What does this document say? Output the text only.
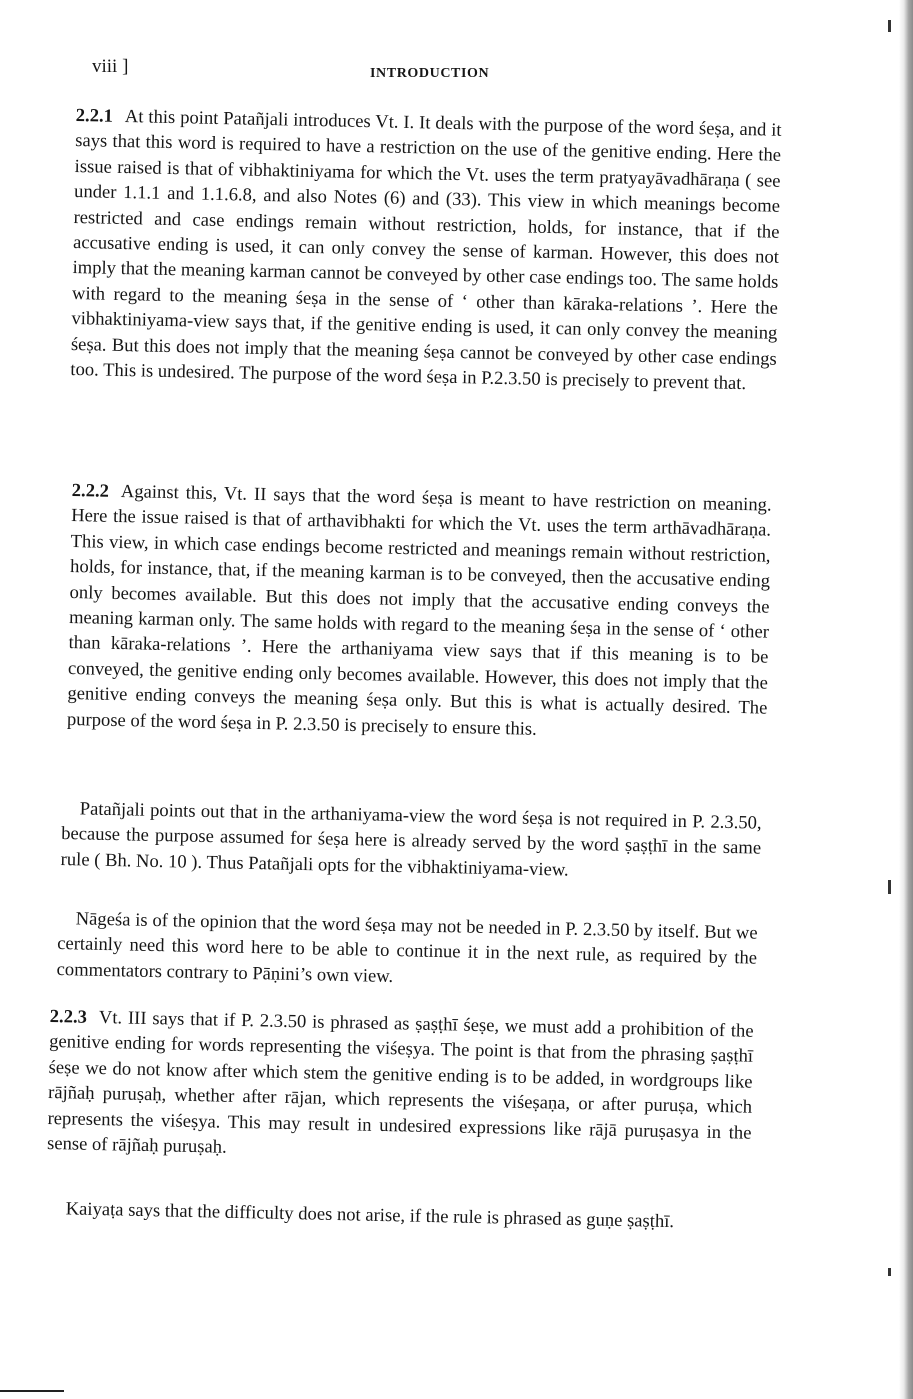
viii ]	INTRODUCTION

2.2.1 At this point Patañjali introduces Vt. I. It deals with the purpose of the word śeṣa, and it says that this word is required to have a restriction on the use of the genitive ending. Here the issue raised is that of vibhaktiniyama for which the Vt. uses the term pratyayāvadhāraṇa ( see under 1.1.1 and 1.1.6.8, and also Notes (6) and (33). This view in which meanings become restricted and case endings remain without restriction, holds, for instance, that if the accusative ending is used, it can only convey the sense of karman. However, this does not imply that the meaning karman cannot be conveyed by other case endings too. The same holds with regard to the meaning śeṣa in the sense of ‘ other than kāraka-relations ’. Here the vibhaktiniyama-view says that, if the genitive ending is used, it can only convey the meaning śeṣa. But this does not imply that the meaning śeṣa cannot be conveyed by other case endings too. This is undesired. The purpose of the word śeṣa in P.2.3.50 is precisely to prevent that.

2.2.2 Against this, Vt. II says that the word śeṣa is meant to have restriction on meaning. Here the issue raised is that of arthavibhakti for which the Vt. uses the term arthāvadhāraṇa. This view, in which case endings become restricted and meanings remain without restriction, holds, for instance, that, if the meaning karman is to be conveyed, then the accusative ending only becomes available. But this does not imply that the accusative ending conveys the meaning karman only. The same holds with regard to the meaning śeṣa in the sense of ‘ other than kāraka-relations ’. Here the arthaniyama view says that if this meaning is to be conveyed, the genitive ending only becomes available. However, this does not imply that the genitive ending conveys the meaning śeṣa only. But this is what is actually desired. The purpose of the word śeṣa in P. 2.3.50 is precisely to ensure this.

Patañjali points out that in the arthaniyama-view the word śeṣa is not required in P. 2.3.50, because the purpose assumed for śeṣa here is already served by the word ṣaṣṭhī in the same rule ( Bh. No. 10 ). Thus Patañjali opts for the vibhaktiniyama-view.

Nāgeśa is of the opinion that the word śeṣa may not be needed in P. 2.3.50 by itself. But we certainly need this word here to be able to continue it in the next rule, as required by the commentators contrary to Pāṇini’s own view.

2.2.3 Vt. III says that if P. 2.3.50 is phrased as ṣaṣṭhī śeṣe, we must add a prohibition of the genitive ending for words representing the viśeṣya. The point is that from the phrasing ṣaṣṭhī śeṣe we do not know after which stem the genitive ending is to be added, in wordgroups like rājñaḥ puruṣaḥ, whether after rājan, which represents the viśeṣaṇa, or after puruṣa, which represents the viśeṣya. This may result in undesired expressions like rājā puruṣasya in the sense of rājñaḥ puruṣaḥ.

Kaiyaṭa says that the difficulty does not arise, if the rule is phrased as guṇe ṣaṣṭhī.
